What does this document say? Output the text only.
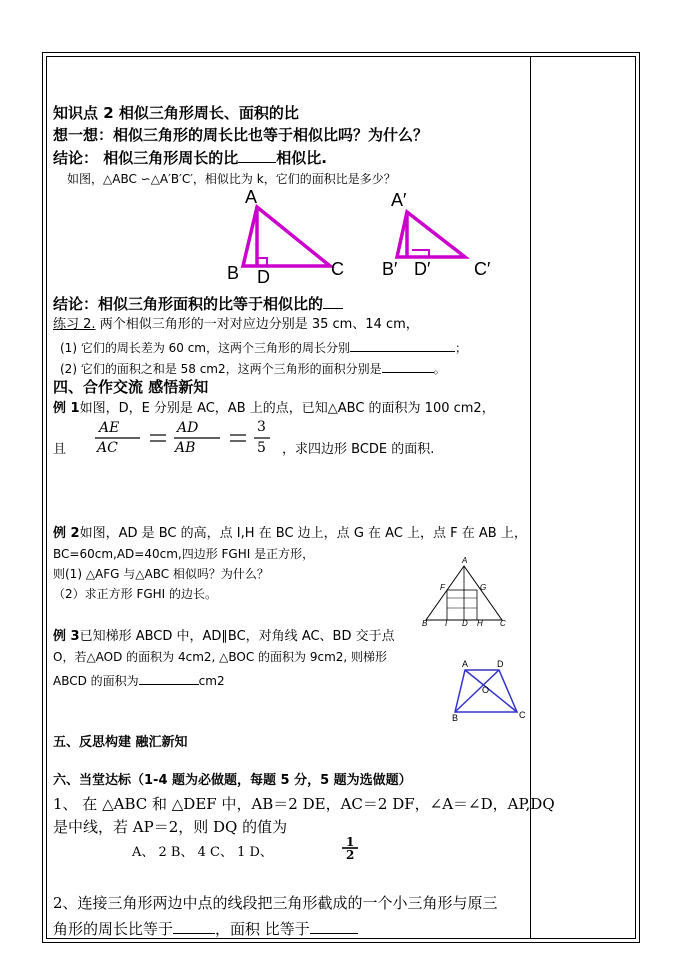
知识点 2 相似三角形周长、面积的比
想一想：相似三角形的周长比也等于相似比吗？为什么？
结论： 相似三角形周长的比	相似比.
如图，△ABC ∽△A′B′C′，相似比为 k，它们的面积比是多少？
A
B D	C
A′
B′ D′ C′
结论：相似三角形面积的比等于相似比的
练习 2. 两个相似三角形的一对对应边分别是 35 cm、14 cm，
(1) 它们的周长差为 60 cm，这两个三角形的周长分别	；
(2) 它们的面积之和是 58 cm2，这两个三角形的面积分别是	。
四、合作交流 感悟新知
例 1如图，D，E 分别是 AC，AB 上的点，已知△ABC 的面积为 100 cm2，
且
AE
AC
AD
AB
3
5 ，求四边形 BCDE 的面积.
例 2如图，AD 是 BC 的高，点 I,H 在 BC 边上，点 G 在 AC 上，点 F 在 AB 上，
BC=60cm,AD=40cm,四边形 FGHI 是正方形，
则(1) △AFG 与△ABC 相似吗？为什么？
（2）求正方形 FGHI 的边长。
A
F	G
B I D H C
例 3已知梯形 ABCD 中，AD∥BC，对角线 AC、BD 交于点
O，若△AOD 的面积为 4cm2, △BOC 的面积为 9cm2, 则梯形
ABCD 的面积为	cm2
A	D
O
B	C
五、反思构建 融汇新知
六、当堂达标（1-4 题为必做题，每题 5 分，5 题为选做题）
1、 在 △ABC 和 △DEF 中，AB＝2 DE，AC＝2 DF，∠A＝∠D，AP,DQ
是中线，若 AP＝2，则 DQ 的值为
A、 2 B、 4 C、 1 D、
1
2
2、连接三角形两边中点的线段把三角形截成的一个小三角形与原三
角形的周长比等于	，面积 比等于
